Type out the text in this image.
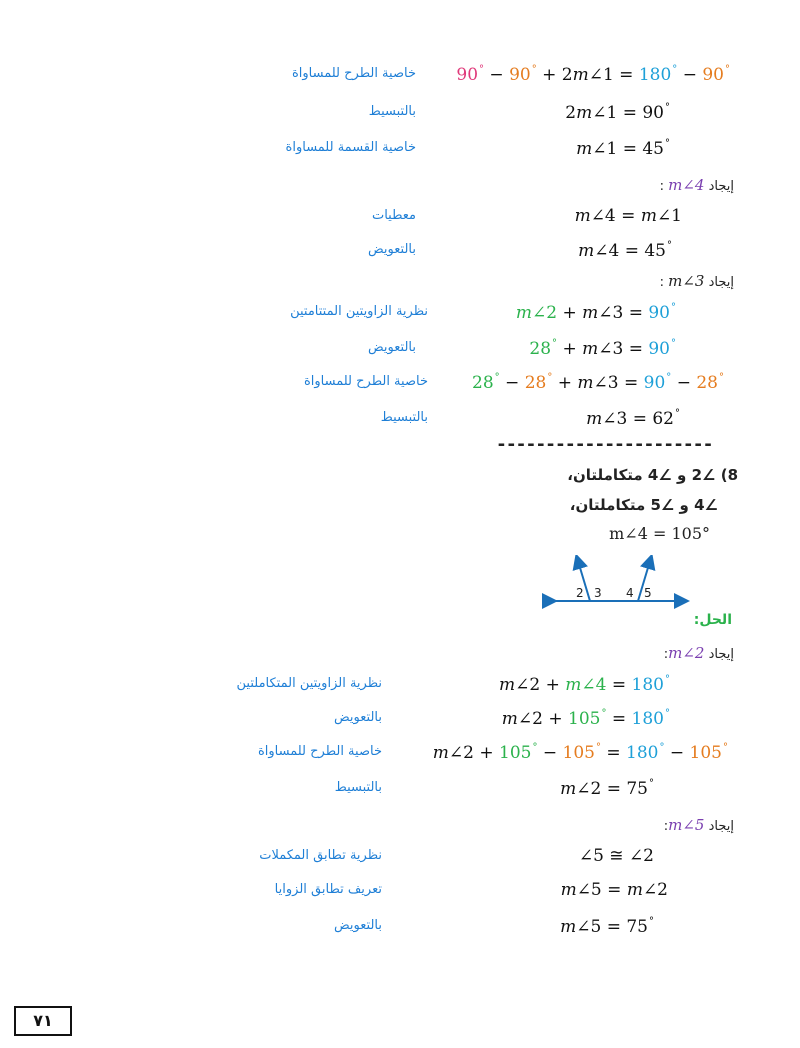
90° − 90° + 2m∠1 = 180° − 90°
خاصية الطرح للمساواة
2m∠1 = 90°
بالتبسيط
m∠1 = 45°
خاصية القسمة للمساواة
إيجاد m∠4 :
m∠4 = m∠1
معطيات
m∠4 = 45°
بالتعويض
إيجاد m∠3 :
m∠2 + m∠3 = 90°
نظرية الزاويتين المتتامتين
28° + m∠3 = 90°
بالتعويض
28° − 28° + m∠3 = 90° − 28°
خاصية الطرح للمساواة
m∠3 = 62°
بالتبسيط
----------------------
8) ∠2 و ∠4 متكاملتان،
∠4 و ∠5 متكاملتان،
m∠4 = 105°
2 3 4 5
الحل:
إيجاد m∠2:
m∠2 + m∠4 = 180°
نظرية الزاويتين المتكاملتين
m∠2 + 105° = 180°
بالتعويض
m∠2 + 105° − 105° = 180° − 105°
خاصية الطرح للمساواة
m∠2 = 75°
بالتبسيط
إيجاد m∠5:
∠5 ≅ ∠2
نظرية تطابق المكملات
m∠5 = m∠2
تعريف تطابق الزوايا
m∠5 = 75°
بالتعويض
٧١
